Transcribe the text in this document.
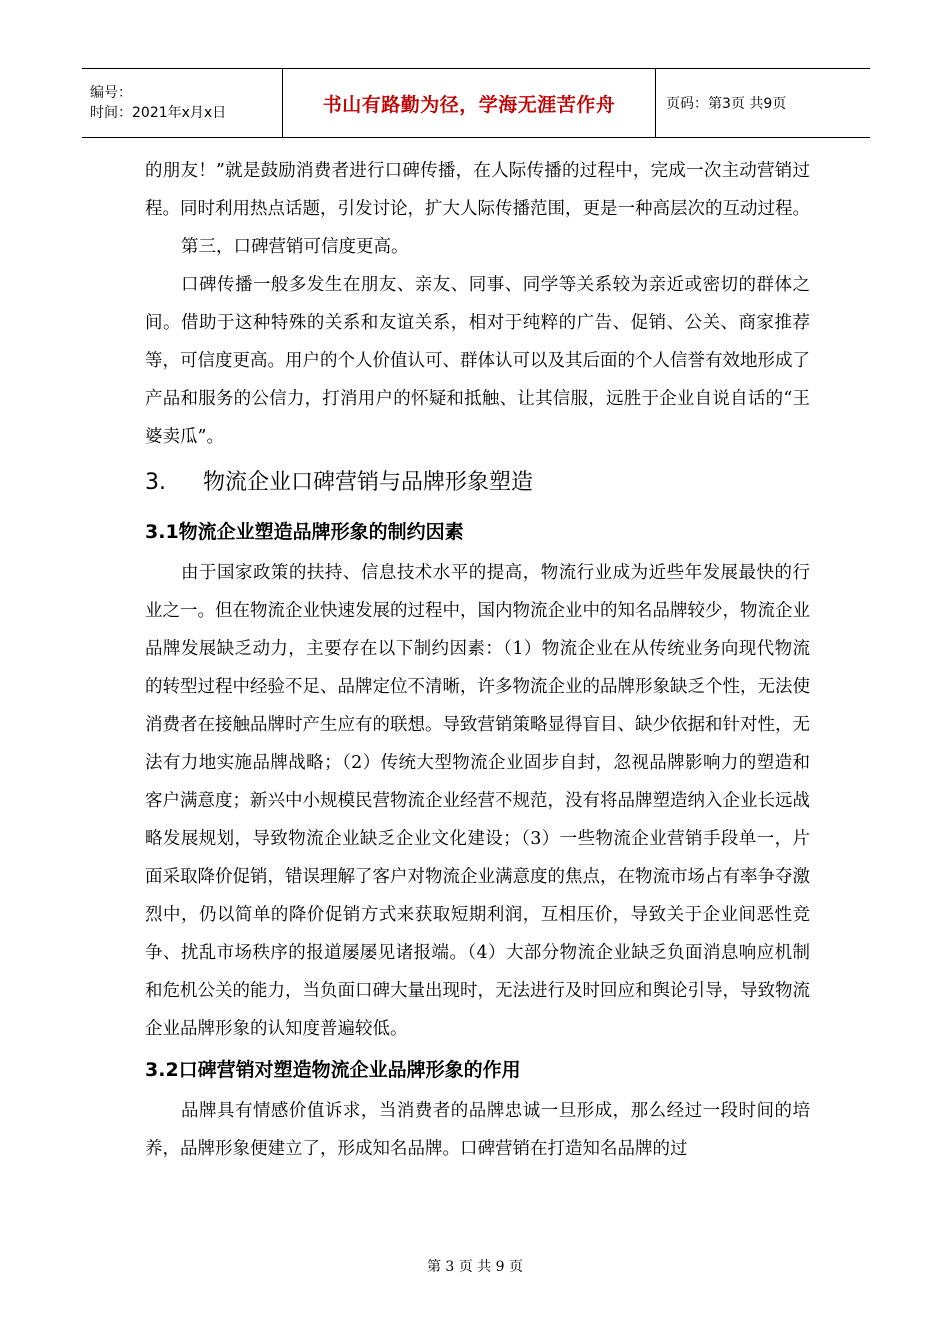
编号：
时间：2021年x月x日	书山有路勤为径，学海无涯苦作舟	页码：第3页 共9页

的朋友！”就是鼓励消费者进行口碑传播，在人际传播的过程中，完成一次主动营销过程。同时利用热点话题，引发讨论，扩大人际传播范围，更是一种高层次的互动过程。

第三，口碑营销可信度更高。

口碑传播一般多发生在朋友、亲友、同事、同学等关系较为亲近或密切的群体之间。借助于这种特殊的关系和友谊关系，相对于纯粹的广告、促销、公关、商家推荐等，可信度更高。用户的个人价值认可、群体认可以及其后面的个人信誉有效地形成了产品和服务的公信力，打消用户的怀疑和抵触、让其信服，远胜于企业自说自话的“王婆卖瓜”。

3.	物流企业口碑营销与品牌形象塑造
3.1物流企业塑造品牌形象的制约因素

由于国家政策的扶持、信息技术水平的提高，物流行业成为近些年发展最快的行业之一。但在物流企业快速发展的过程中，国内物流企业中的知名品牌较少，物流企业品牌发展缺乏动力，主要存在以下制约因素：（1）物流企业在从传统业务向现代物流的转型过程中经验不足、品牌定位不清晰，许多物流企业的品牌形象缺乏个性，无法使消费者在接触品牌时产生应有的联想。导致营销策略显得盲目、缺少依据和针对性，无法有力地实施品牌战略；（2）传统大型物流企业固步自封，忽视品牌影响力的塑造和客户满意度；新兴中小规模民营物流企业经营不规范，没有将品牌塑造纳入企业长远战略发展规划，导致物流企业缺乏企业文化建设；（3）一些物流企业营销手段单一，片面采取降价促销，错误理解了客户对物流企业满意度的焦点，在物流市场占有率争夺激烈中，仍以简单的降价促销方式来获取短期利润，互相压价，导致关于企业间恶性竞争、扰乱市场秩序的报道屡屡见诸报端。（4）大部分物流企业缺乏负面消息响应机制和危机公关的能力，当负面口碑大量出现时，无法进行及时回应和舆论引导，导致物流企业品牌形象的认知度普遍较低。

3.2口碑营销对塑造物流企业品牌形象的作用

品牌具有情感价值诉求，当消费者的品牌忠诚一旦形成，那么经过一段时间的培养，品牌形象便建立了，形成知名品牌。口碑营销在打造知名品牌的过

第 3 页 共 9 页
